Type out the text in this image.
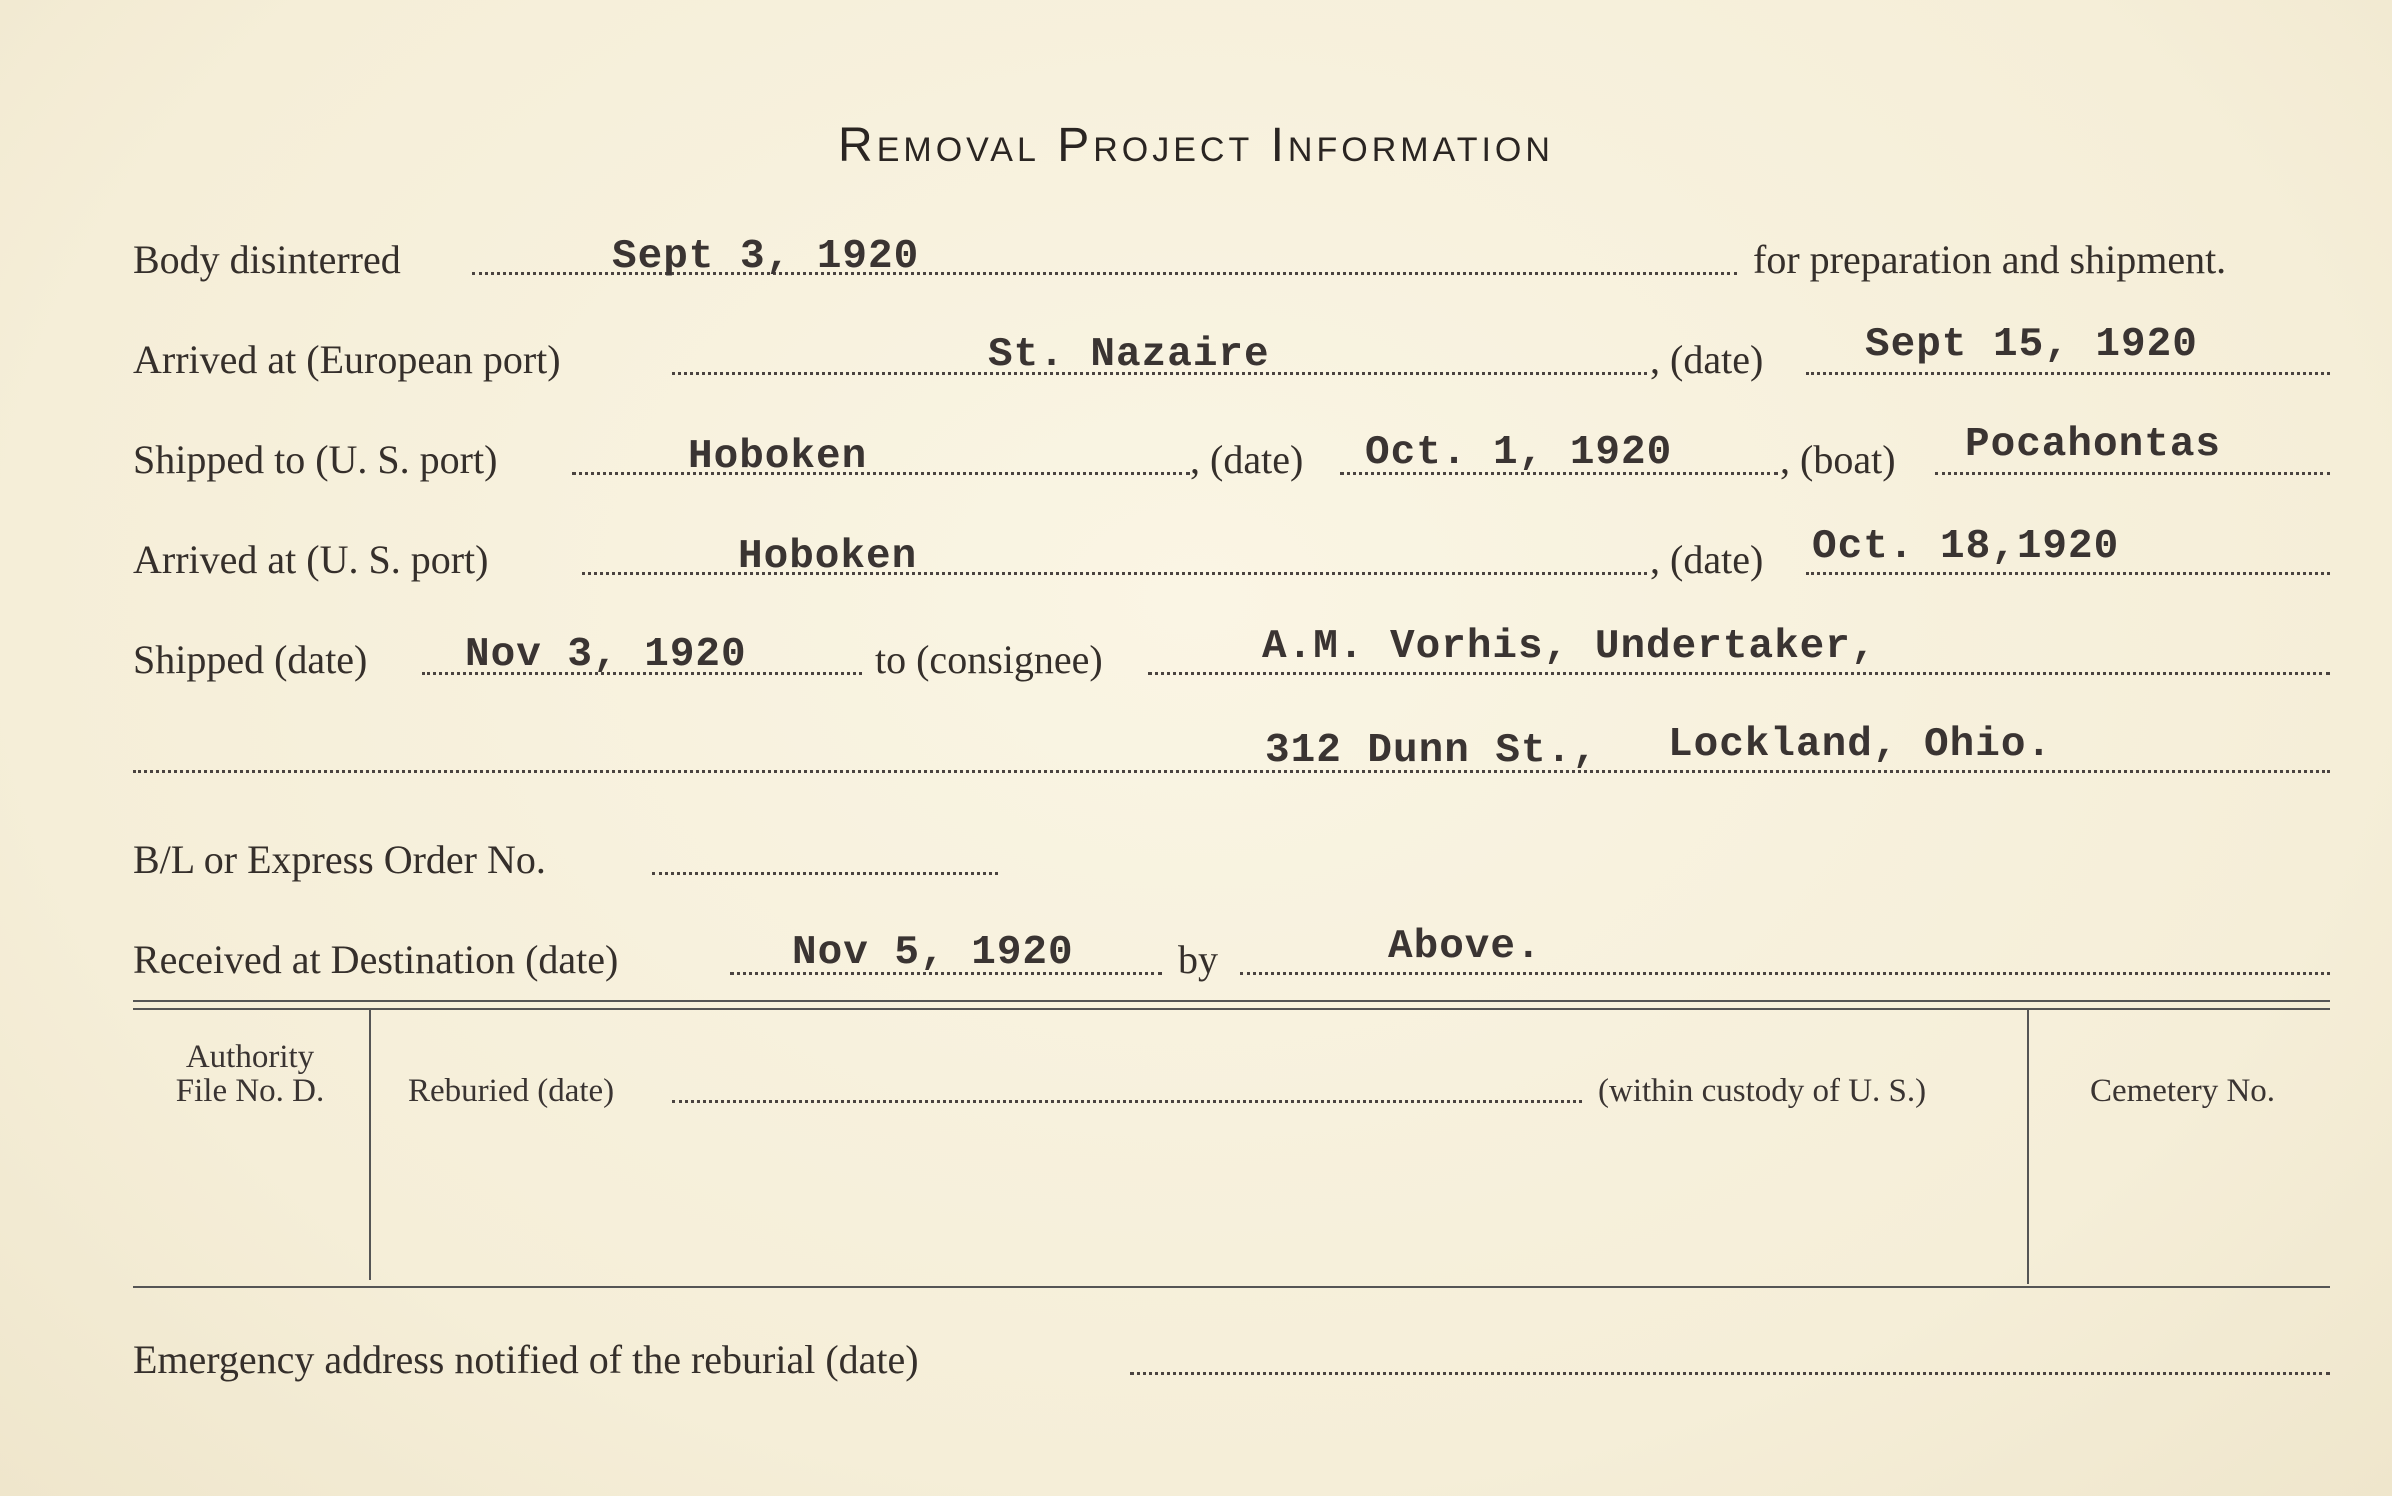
Removal Project Information
Body disinterred	Sept 3, 1920	for preparation and shipment.
Arrived at (European port)	St. Nazaire	, (date) Sept 15, 1920
Shipped to (U. S. port)	Hoboken	, (date) Oct. 1, 1920	, (boat) Pocahontas
Arrived at (U. S. port)	Hoboken	, (date) Oct. 18,1920
Shipped (date) Nov 3, 1920	to (consignee)	A.M. Vorhis, Undertaker,
312 Dunn St., Lockland, Ohio.
B/L or Express Order No.
Received at Destination (date)	Nov 5, 1920	by	Above.
Authority
File No. D.	Reburied (date)	(within custody of U. S.)	Cemetery No.
Emergency address notified of the reburial (date)
